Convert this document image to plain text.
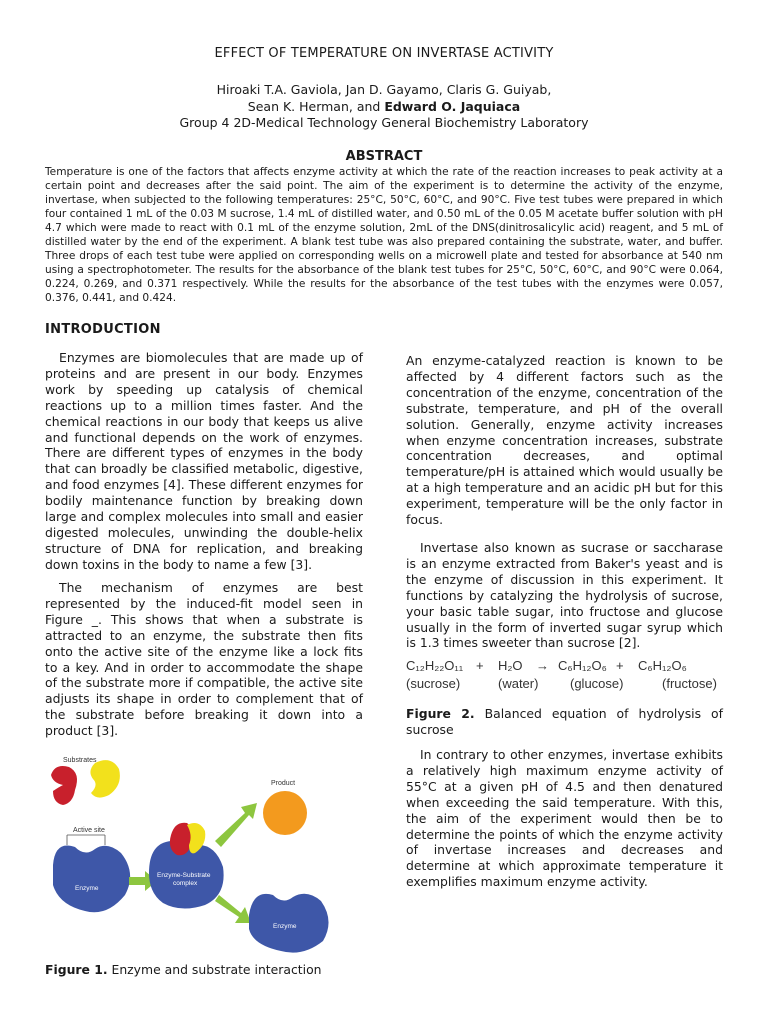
EFFECT OF TEMPERATURE ON INVERTASE ACTIVITY
Hiroaki T.A. Gaviola, Jan D. Gayamo, Claris G. Guiyab,
Sean K. Herman, and Edward O. Jaquiaca
Group 4 2D-Medical Technology General Biochemistry Laboratory
ABSTRACT
Temperature is one of the factors that affects enzyme activity at which the rate of the reaction increases to peak activity at a certain point and decreases after the said point. The aim of the experiment is to determine the activity of the enzyme, invertase, when subjected to the following temperatures: 25°C, 50°C, 60°C, and 90°C. Five test tubes were prepared in which four contained 1 mL of the 0.03 M sucrose, 1.4 mL of distilled water, and 0.50 mL of the 0.05 M acetate buffer solution with pH 4.7 which were made to react with 0.1 mL of the enzyme solution, 2mL of the DNS(dinitrosalicylic acid) reagent, and 5 mL of distilled water by the end of the experiment. A blank test tube was also prepared containing the substrate, water, and buffer. Three drops of each test tube were applied on corresponding wells on a microwell plate and tested for absorbance at 540 nm using a spectrophotometer. The results for the absorbance of the blank test tubes for 25°C, 50°C, 60°C, and 90°C were 0.064, 0.224, 0.269, and 0.371 respectively. While the results for the absorbance of the test tubes with the enzymes were 0.057, 0.376, 0.441, and 0.424.
INTRODUCTION

Enzymes are biomolecules that are made up of proteins and are present in our body. Enzymes work by speeding up catalysis of chemical reactions up to a million times faster. And the chemical reactions in our body that keeps us alive and functional depends on the work of enzymes. There are different types of enzymes in the body that can broadly be classified metabolic, digestive, and food enzymes [4]. These different enzymes for bodily maintenance function by breaking down large and complex molecules into small and easier digested molecules, unwinding the double-helix structure of DNA for replication, and breaking down toxins in the body to name a few [3].

The mechanism of enzymes are best represented by the induced-fit model seen in Figure _. This shows that when a substrate is attracted to an enzyme, the substrate then fits onto the active site of the enzyme like a lock fits to a key. And in order to accommodate the shape of the substrate more if compatible, the active site adjusts its shape in order to complement that of the substrate before breaking it down into a product [3].

Substrates
Active site
Enzyme
Enzyme-Substrate
complex
Product
Enzyme
Figure 1. Enzyme and substrate interaction

An enzyme-catalyzed reaction is known to be affected by 4 different factors such as the concentration of the enzyme, concentration of the substrate, temperature, and pH of the overall solution. Generally, enzyme activity increases when enzyme concentration increases, substrate concentration decreases, and optimal temperature/pH is attained which would usually be at a high temperature and an acidic pH but for this experiment, temperature will be the only factor in focus.

Invertase also known as sucrase or saccharase is an enzyme extracted from Baker's yeast and is the enzyme of discussion in this experiment. It functions by catalyzing the hydrolysis of sucrose, your basic table sugar, into fructose and glucose usually in the form of inverted sugar syrup which is 1.3 times sweeter than sucrose [2].

C₁₂H₂₂O₁₁ + H₂O → C₆H₁₂O₆ + C₆H₁₂O₆
(sucrose)	(water) (glucose)	(fructose)
Figure 2. Balanced equation of hydrolysis of sucrose

In contrary to other enzymes, invertase exhibits a relatively high maximum enzyme activity of 55°C at a given pH of 4.5 and then denatured when exceeding the said temperature. With this, the aim of the experiment would then be to determine the points of which the enzyme activity of invertase increases and decreases and determine at which approximate temperature it exemplifies maximum enzyme activity.
